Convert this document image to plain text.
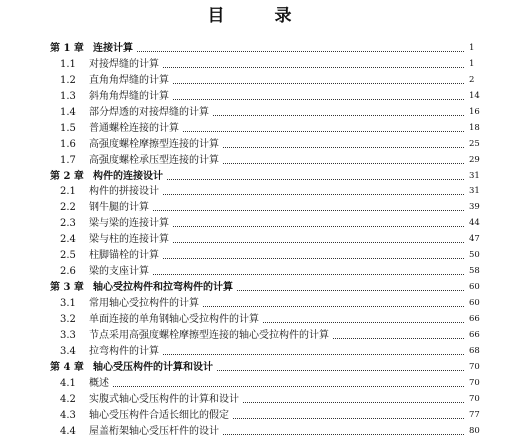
目 录
第 1 章 连接计算	1
1.1 对接焊缝的计算	1
1.2 直角角焊缝的计算	2
1.3 斜角角焊缝的计算	14
1.4 部分焊透的对接焊缝的计算	16
1.5 普通螺栓连接的计算	18
1.6 高强度螺栓摩擦型连接的计算	25
1.7 高强度螺栓承压型连接的计算	29
第 2 章 构件的连接设计	31
2.1 构件的拼接设计	31
2.2 钢牛腿的计算	39
2.3 梁与梁的连接计算	44
2.4 梁与柱的连接计算	47
2.5 柱脚锚栓的计算	50
2.6 梁的支座计算	58
第 3 章 轴心受拉构件和拉弯构件的计算	60
3.1 常用轴心受拉构件的计算	60
3.2 单面连接的单角钢轴心受拉构件的计算	66
3.3 节点采用高强度螺栓摩擦型连接的轴心受拉构件的计算	66
3.4 拉弯构件的计算	68
第 4 章 轴心受压构件的计算和设计	70
4.1 概述	70
4.2 实腹式轴心受压构件的计算和设计	70
4.3 轴心受压构件合适长细比的假定	77
4.4 屋盖桁架轴心受压杆件的设计	80
